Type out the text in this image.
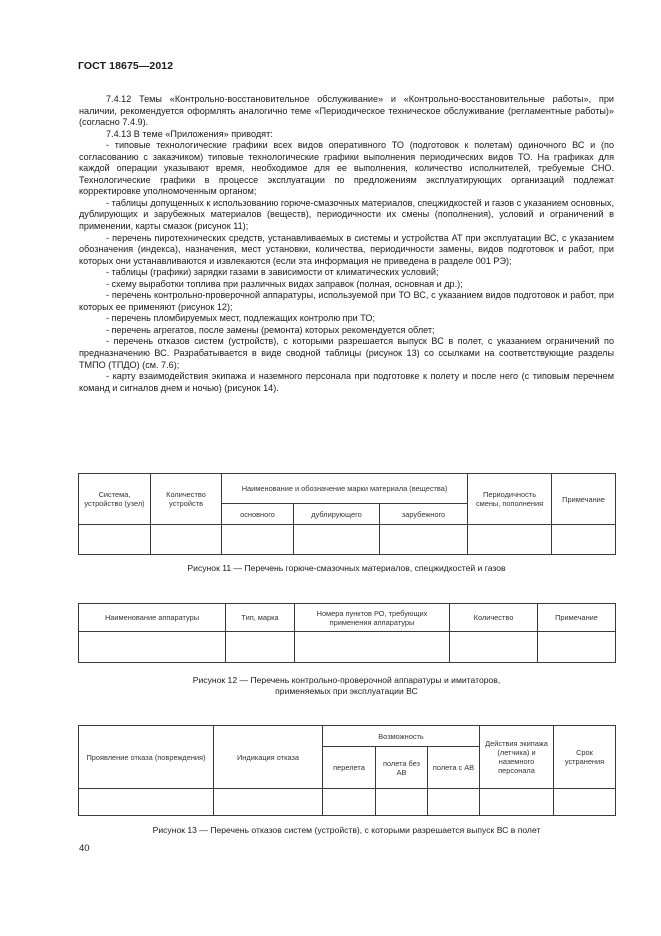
ГОСТ 18675—2012

7.4.12 Темы «Контрольно-восстановительное обслуживание» и «Контрольно-восстановительные работы», при наличии, рекомендуется оформлять аналогично теме «Периодическое техническое обслуживание (регламентные работы)» (согласно 7.4.9).

7.4.13 В теме «Приложения» приводят:

- типовые технологические графики всех видов оперативного ТО (подготовок к полетам) одиночного ВС и (по согласованию с заказчиком) типовые технологические графики выполнения периодических видов ТО. На графиках для каждой операции указывают время, необходимое для ее выполнения, количество исполнителей, требуемые СНО. Технологические графики в процессе эксплуатации по предложениям эксплуатирующих организаций подлежат корректировке уполномоченным органом;

- таблицы допущенных к использованию горюче-смазочных материалов, спецжидкостей и газов с указанием основных, дублирующих и зарубежных материалов (веществ), периодичности их смены (пополнения), условий и ограничений в применении, карты смазок (рисунок 11);

- перечень пиротехнических средств, устанавливаемых в системы и устройства АТ при эксплуатации ВС, с указанием обозначения (индекса), назначения, мест установки, количества, периодичности замены, видов подготовок и работ, при которых они устанавливаются и извлекаются (если эта информация не приведена в разделе 001 РЭ);

- таблицы (графики) зарядки газами в зависимости от климатических условий;

- схему выработки топлива при различных видах заправок (полная, основная и др.);

- перечень контрольно-проверочной аппаратуры, используемой при ТО ВС, с указанием видов подготовок и работ, при которых ее применяют (рисунок 12);

- перечень пломбируемых мест, подлежащих контролю при ТО;

- перечень агрегатов, после замены (ремонта) которых рекомендуется облет;

- перечень отказов систем (устройств), с которыми разрешается выпуск ВС в полет, с указанием ограничений по предназначению ВС. Разрабатывается в виде сводной таблицы (рисунок 13) со ссылками на соответствующие разделы ТМПО (ТПДО) (см. 7.6);

- карту взаимодействия экипажа и наземного персонала при подготовке к полету и после него (с типовым перечнем команд и сигналов днем и ночью) (рисунок 14).

Система, устройство (узел)	Количество устройств	Наименование и обозначение марки материала (вещества)			Периодичность смены, пополнения	Примечание
		основного	дублирующего	зарубежного		

Рисунок 11 — Перечень горюче-смазочных материалов, спецжидкостей и газов
Наименование аппаратуры	Тип, марка	Номера пунктов РО, требующих применения аппаратуры	Количество	Примечание

Рисунок 12 — Перечень контрольно-проверочной аппаратуры и имитаторов,
применяемых при эксплуатации ВС
Проявление отказа (повреждения)	Индикация отказа	Возможность			Действия экипажа (летчика) и наземного персонала	Срок устранения
		перелета	полета без АВ	полета с АВ		

Рисунок 13 — Перечень отказов систем (устройств), с которыми разрешается выпуск ВС в полет
40
